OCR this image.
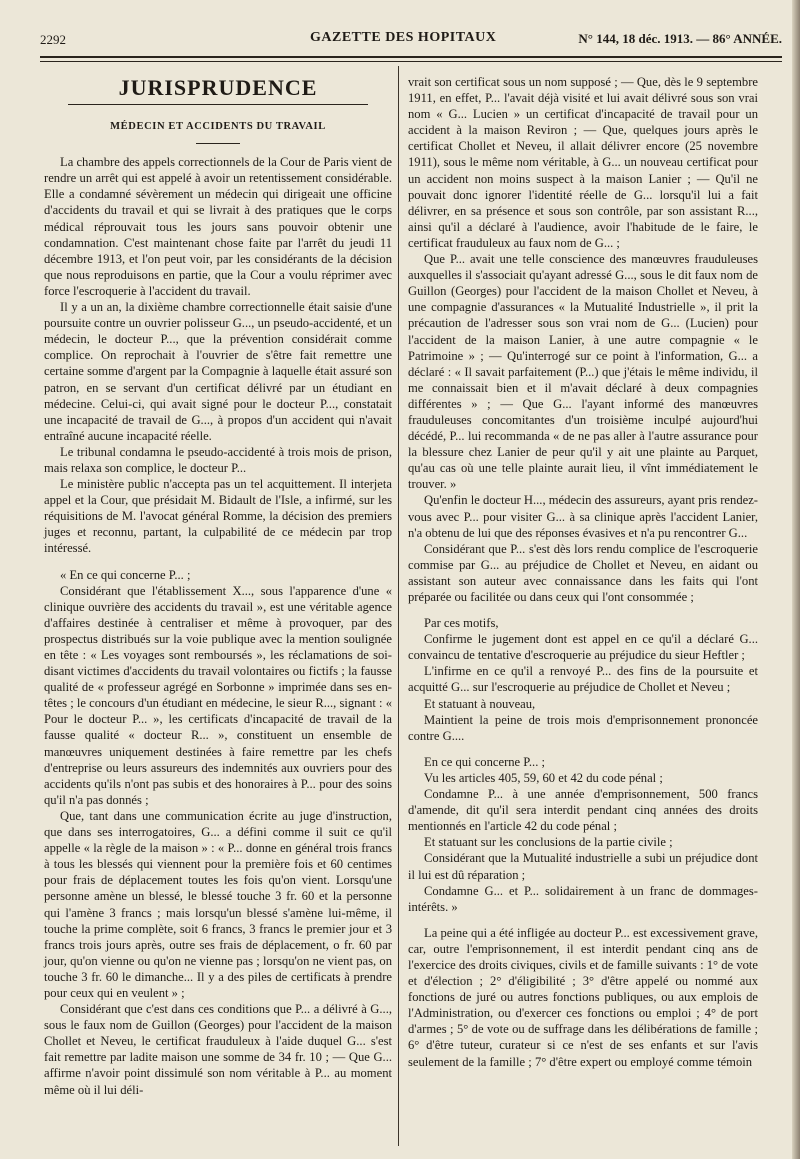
2292	GAZETTE DES HOPITAUX	N° 144, 18 déc. 1913. — 86° ANNÉE.
JURISPRUDENCE
MÉDECIN ET ACCIDENTS DU TRAVAIL

La chambre des appels correctionnels de la Cour de Paris vient de rendre un arrêt qui est appelé à avoir un retentissement considérable. Elle a condamné sévèrement un médecin qui dirigeait une officine d'accidents du travail et qui se livrait à des pratiques que le corps médical réprouvait tous les jours sans pouvoir obtenir une condamnation. C'est maintenant chose faite par l'arrêt du jeudi 11 décembre 1913, et l'on peut voir, par les considérants de la décision que nous reproduisons en partie, que la Cour a voulu réprimer avec force l'escroquerie à l'accident du travail.

Il y a un an, la dixième chambre correctionnelle était saisie d'une poursuite contre un ouvrier polisseur G..., un pseudo-accidenté, et un médecin, le docteur P..., que la prévention considérait comme complice. On reprochait à l'ouvrier de s'être fait remettre une certaine somme d'argent par la Compagnie à laquelle était assuré son patron, en se servant d'un certificat délivré par un étudiant en médecine. Celui-ci, qui avait signé pour le docteur P..., constatait une incapacité de travail de G..., à propos d'un accident qui n'avait entraîné aucune incapacité réelle.

Le tribunal condamna le pseudo-accidenté à trois mois de prison, mais relaxa son complice, le docteur P...

Le ministère public n'accepta pas un tel acquittement. Il interjeta appel et la Cour, que présidait M. Bidault de l'Isle, a infirmé, sur les réquisitions de M. l'avocat général Romme, la décision des premiers juges et reconnu, partant, la culpabilité de ce médecin par trop intéressé.

« En ce qui concerne P... ;

Considérant que l'établissement X..., sous l'apparence d'une « clinique ouvrière des accidents du travail », est une véritable agence d'affaires destinée à centraliser et même à provoquer, par des prospectus distribués sur la voie publique avec la mention soulignée en tête : « Les voyages sont remboursés », les réclamations de soi-disant victimes d'accidents du travail volontaires ou fictifs ; la fausse qualité de « professeur agrégé en Sorbonne » imprimée dans ses en-têtes ; le concours d'un étudiant en médecine, le sieur R..., signant : « Pour le docteur P... », les certificats d'incapacité de travail de la fausse qualité « docteur R... », constituent un ensemble de manœuvres uniquement destinées à faire remettre par les chefs d'entreprise ou leurs assureurs des indemnités aux ouvriers pour des accidents qu'ils n'ont pas subis et des honoraires à P... pour des soins qu'il n'a pas donnés ;

Que, tant dans une communication écrite au juge d'instruction, que dans ses interrogatoires, G... a défini comme il suit ce qu'il appelle « la règle de la maison » : « P... donne en général trois francs à tous les blessés qui viennent pour la première fois et 60 centimes pour frais de déplacement toutes les fois qu'on vient. Lorsqu'une personne amène un blessé, le blessé touche 3 fr. 60 et la personne qui l'amène 3 francs ; mais lorsqu'un blessé s'amène lui-même, il touche la prime complète, soit 6 francs, 3 francs le premier jour et 3 francs trois jours après, outre ses frais de déplacement, o fr. 60 par jour, qu'on vienne ou qu'on ne vienne pas ; lorsqu'on ne vient pas, on touche 3 fr. 60 le dimanche... Il y a des piles de certificats à prendre pour ceux qui en veulent » ;

Considérant que c'est dans ces conditions que P... a délivré à G..., sous le faux nom de Guillon (Georges) pour l'accident de la maison Chollet et Neveu, le certificat frauduleux à l'aide duquel G... s'est fait remettre par ladite maison une somme de 34 fr. 10 ; — Que G... affirme n'avoir point dissimulé son nom véritable à P... au moment même où il lui déli-

vrait son certificat sous un nom supposé ; — Que, dès le 9 septembre 1911, en effet, P... l'avait déjà visité et lui avait délivré sous son vrai nom « G... Lucien » un certificat d'incapacité de travail pour un accident à la maison Reviron ; — Que, quelques jours après le certificat Chollet et Neveu, il allait délivrer encore (25 novembre 1911), sous le même nom véritable, à G... un nouveau certificat pour un accident non moins suspect à la maison Lanier ; — Qu'il ne pouvait donc ignorer l'identité réelle de G... lorsqu'il lui a fait délivrer, en sa présence et sous son contrôle, par son assistant R..., ainsi qu'il a déclaré à l'audience, avoir l'habitude de le faire, le certificat frauduleux au faux nom de G... ;

Que P... avait une telle conscience des manœuvres frauduleuses auxquelles il s'associait qu'ayant adressé G..., sous le dit faux nom de Guillon (Georges) pour l'accident de la maison Chollet et Neveu, à une compagnie d'assurances « la Mutualité Industrielle », il prit la précaution de l'adresser sous son vrai nom de G... (Lucien) pour l'accident de la maison Lanier, à une autre compagnie « le Patrimoine » ; — Qu'interrogé sur ce point à l'information, G... a déclaré : « Il savait parfaitement (P...) que j'étais le même individu, il me connaissait bien et il m'avait déclaré à deux compagnies différentes » ; — Que G... l'ayant informé des manœuvres frauduleuses concomitantes d'un troisième inculpé aujourd'hui décédé, P... lui recommanda « de ne pas aller à l'autre assurance pour la blessure chez Lanier de peur qu'il y ait une plainte au Parquet, qu'au cas où une telle plainte aurait lieu, il vînt immédiatement le trouver. »

Qu'enfin le docteur H..., médecin des assureurs, ayant pris rendez-vous avec P... pour visiter G... à sa clinique après l'accident Lanier, n'a obtenu de lui que des réponses évasives et n'a pu rencontrer G...

Considérant que P... s'est dès lors rendu complice de l'escroquerie commise par G... au préjudice de Chollet et Neveu, en aidant ou assistant son auteur avec connaissance dans les faits qui l'ont préparée ou facilitée ou dans ceux qui l'ont consommée ;

Par ces motifs,

Confirme le jugement dont est appel en ce qu'il a déclaré G... convaincu de tentative d'escroquerie au préjudice du sieur Heftler ;

L'infirme en ce qu'il a renvoyé P... des fins de la poursuite et acquitté G... sur l'escroquerie au préjudice de Chollet et Neveu ;

Et statuant à nouveau,

Maintient la peine de trois mois d'emprisonnement prononcée contre G....

En ce qui concerne P... ;

Vu les articles 405, 59, 60 et 42 du code pénal ;

Condamne P... à une année d'emprisonnement, 500 francs d'amende, dit qu'il sera interdit pendant cinq années des droits mentionnés en l'article 42 du code pénal ;

Et statuant sur les conclusions de la partie civile ;

Considérant que la Mutualité industrielle a subi un préjudice dont il lui est dû réparation ;

Condamne G... et P... solidairement à un franc de dommages-intérêts. »

La peine qui a été infligée au docteur P... est excessivement grave, car, outre l'emprisonnement, il est interdit pendant cinq ans de l'exercice des droits civiques, civils et de famille suivants : 1° de vote et d'élection ; 2° d'éligibilité ; 3° d'être appelé ou nommé aux fonctions de juré ou autres fonctions publiques, ou aux emplois de l'Administration, ou d'exercer ces fonctions ou emploi ; 4° de port d'armes ; 5° de vote ou de suffrage dans les délibérations de famille ; 6° d'être tuteur, curateur si ce n'est de ses enfants et sur l'avis seulement de la famille ; 7° d'être expert ou employé comme témoin
